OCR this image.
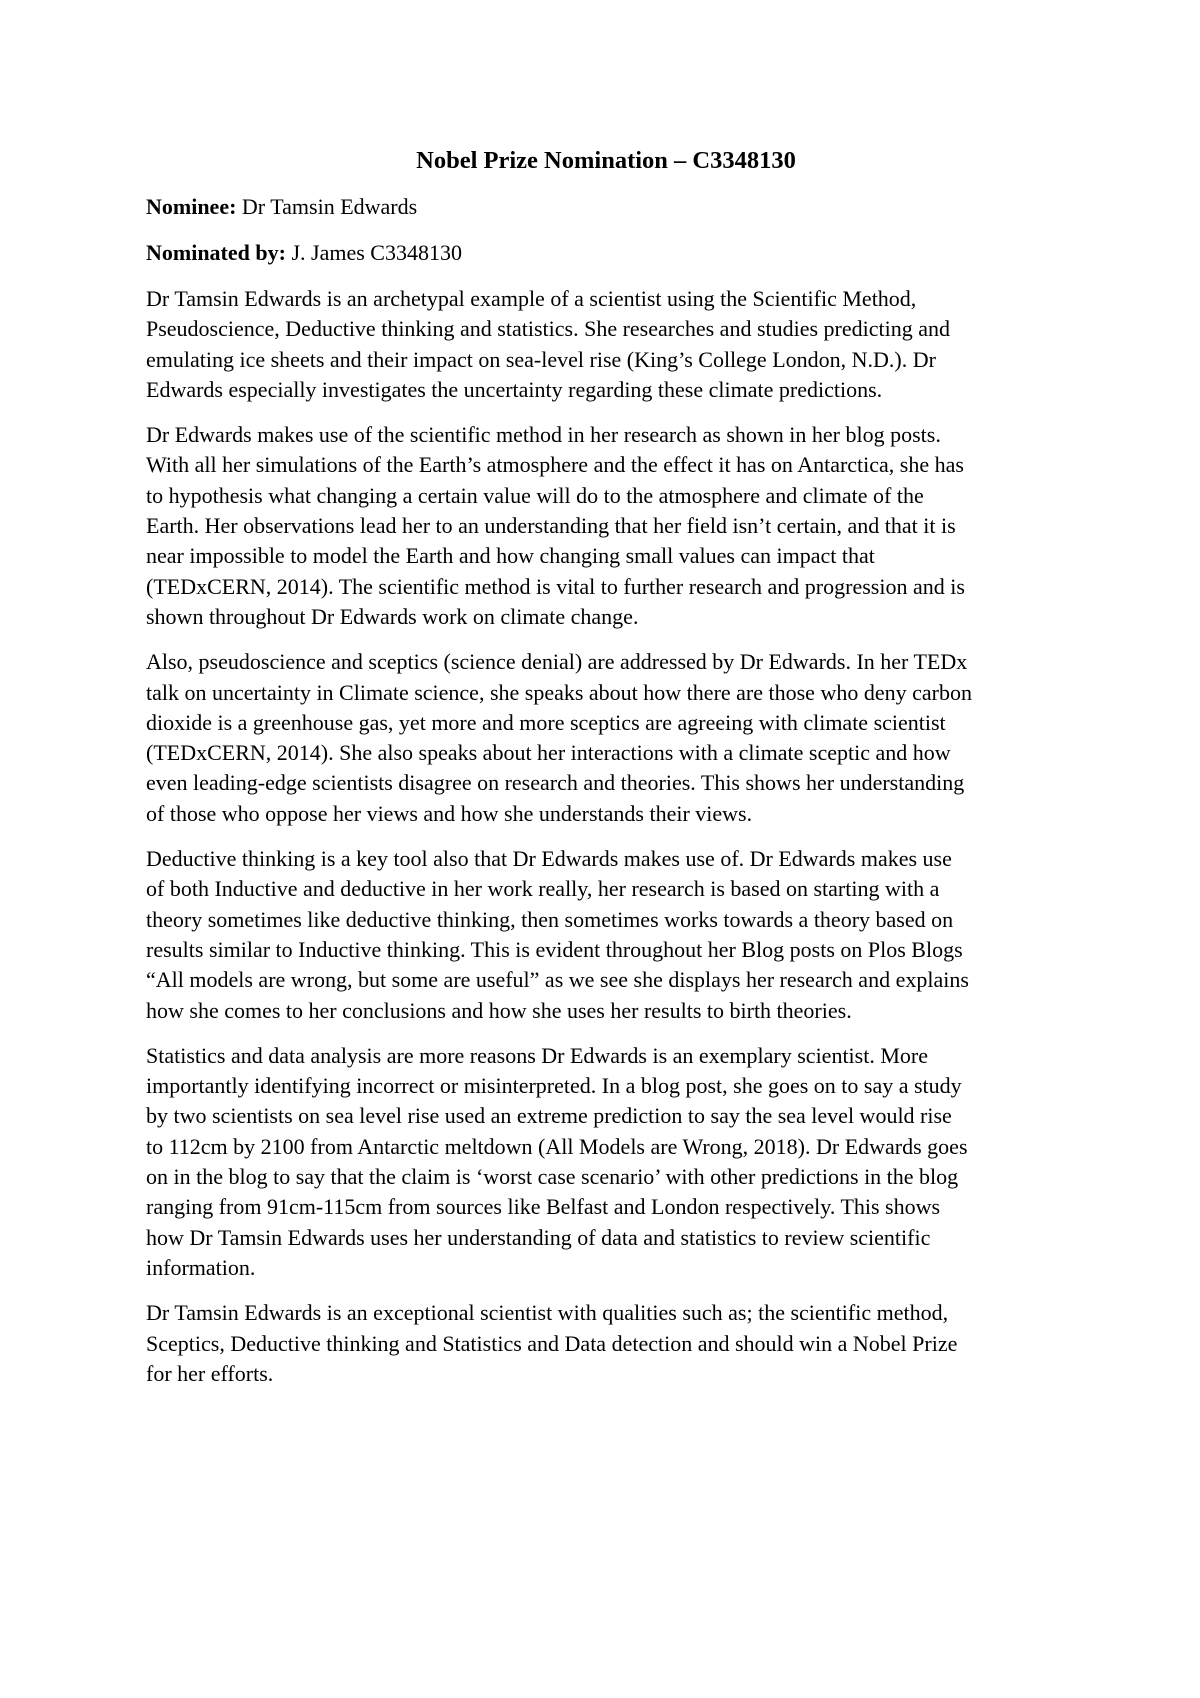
Nobel Prize Nomination – C3348130
Nominee: Dr Tamsin Edwards
Nominated by: J. James C3348130

Dr Tamsin Edwards is an archetypal example of a scientist using the Scientific Method,
Pseudoscience, Deductive thinking and statistics. She researches and studies predicting and
emulating ice sheets and their impact on sea-level rise (King’s College London, N.D.). Dr
Edwards especially investigates the uncertainty regarding these climate predictions.

Dr Edwards makes use of the scientific method in her research as shown in her blog posts.
With all her simulations of the Earth’s atmosphere and the effect it has on Antarctica, she has
to hypothesis what changing a certain value will do to the atmosphere and climate of the
Earth. Her observations lead her to an understanding that her field isn’t certain, and that it is
near impossible to model the Earth and how changing small values can impact that
(TEDxCERN, 2014). The scientific method is vital to further research and progression and is
shown throughout Dr Edwards work on climate change.

Also, pseudoscience and sceptics (science denial) are addressed by Dr Edwards. In her TEDx
talk on uncertainty in Climate science, she speaks about how there are those who deny carbon
dioxide is a greenhouse gas, yet more and more sceptics are agreeing with climate scientist
(TEDxCERN, 2014). She also speaks about her interactions with a climate sceptic and how
even leading-edge scientists disagree on research and theories. This shows her understanding
of those who oppose her views and how she understands their views.

Deductive thinking is a key tool also that Dr Edwards makes use of. Dr Edwards makes use
of both Inductive and deductive in her work really, her research is based on starting with a
theory sometimes like deductive thinking, then sometimes works towards a theory based on
results similar to Inductive thinking. This is evident throughout her Blog posts on Plos Blogs
“All models are wrong, but some are useful” as we see she displays her research and explains
how she comes to her conclusions and how she uses her results to birth theories.

Statistics and data analysis are more reasons Dr Edwards is an exemplary scientist. More
importantly identifying incorrect or misinterpreted. In a blog post, she goes on to say a study
by two scientists on sea level rise used an extreme prediction to say the sea level would rise
to 112cm by 2100 from Antarctic meltdown (All Models are Wrong, 2018). Dr Edwards goes
on in the blog to say that the claim is ‘worst case scenario’ with other predictions in the blog
ranging from 91cm-115cm from sources like Belfast and London respectively. This shows
how Dr Tamsin Edwards uses her understanding of data and statistics to review scientific
information.

Dr Tamsin Edwards is an exceptional scientist with qualities such as; the scientific method,
Sceptics, Deductive thinking and Statistics and Data detection and should win a Nobel Prize
for her efforts.
